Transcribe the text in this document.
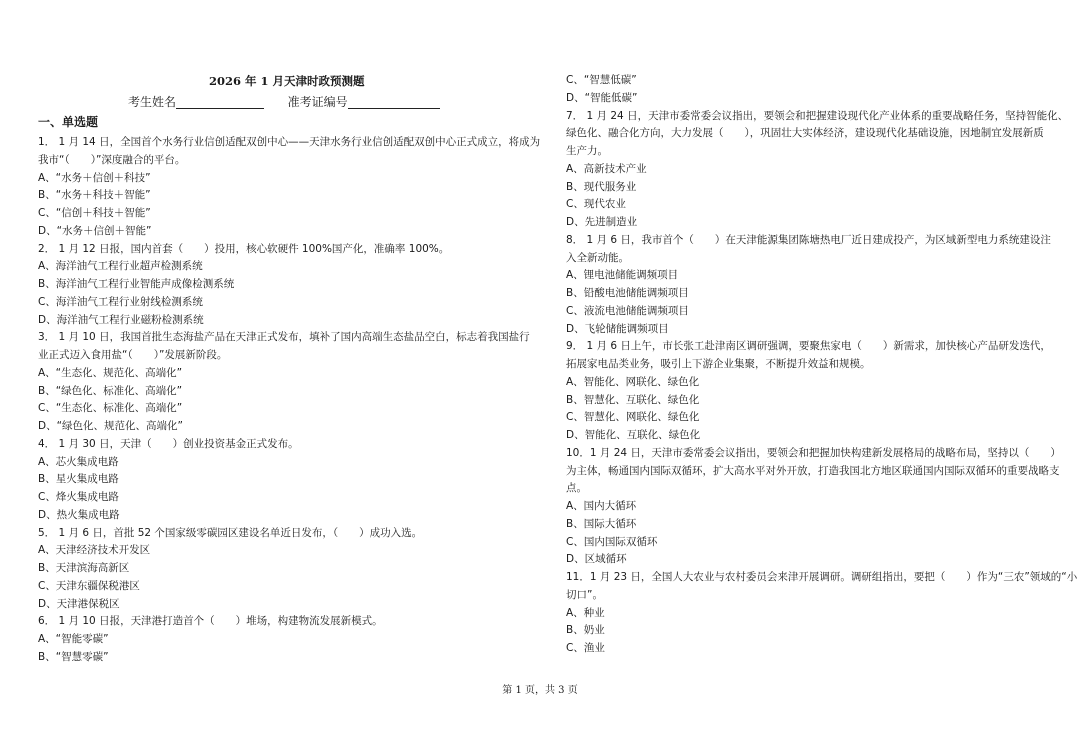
2026 年 1 月天津时政预测题
考生姓名	准考证编号
一、单选题
1． 1 月 14 日，全国首个水务行业信创适配双创中心——天津水务行业信创适配双创中心正式成立，将成为
我市“（　　）”深度融合的平台。
A、“水务＋信创＋科技”
B、“水务＋科技＋智能”
C、“信创＋科技＋智能”
D、“水务＋信创＋智能”
2． 1 月 12 日报，国内首套（　　）投用，核心软硬件 100%国产化，准确率 100%。
A、海洋油气工程行业超声检测系统
B、海洋油气工程行业智能声成像检测系统
C、海洋油气工程行业射线检测系统
D、海洋油气工程行业磁粉检测系统
3． 1 月 10 日，我国首批生态海盐产品在天津正式发布，填补了国内高端生态盐品空白，标志着我国盐行
业正式迈入食用盐“（　　）”发展新阶段。
A、“生态化、规范化、高端化”
B、“绿色化、标准化、高端化”
C、“生态化、标准化、高端化”
D、“绿色化、规范化、高端化”
4． 1 月 30 日，天津（　　）创业投资基金正式发布。
A、芯火集成电路
B、星火集成电路
C、烽火集成电路
D、热火集成电路
5． 1 月 6 日，首批 52 个国家级零碳园区建设名单近日发布，（　　）成功入选。
A、天津经济技术开发区
B、天津滨海高新区
C、天津东疆保税港区
D、天津港保税区
6． 1 月 10 日报，天津港打造首个（　　）堆场，构建物流发展新模式。
A、“智能零碳”
B、“智慧零碳”
C、“智慧低碳”
D、“智能低碳”
7． 1 月 24 日，天津市委常委会议指出，要领会和把握建设现代化产业体系的重要战略任务，坚持智能化、
绿色化、融合化方向，大力发展（　　），巩固壮大实体经济，建设现代化基础设施，因地制宜发展新质
生产力。
A、高新技术产业
B、现代服务业
C、现代农业
D、先进制造业
8． 1 月 6 日，我市首个（　　）在天津能源集团陈塘热电厂近日建成投产，为区域新型电力系统建设注
入全新动能。
A、锂电池储能调频项目
B、铅酸电池储能调频项目
C、液流电池储能调频项目
D、飞轮储能调频项目
9． 1 月 6 日上午，市长张工赴津南区调研强调，要聚焦家电（　　）新需求，加快核心产品研发迭代，
拓展家电品类业务，吸引上下游企业集聚，不断提升效益和规模。
A、智能化、网联化、绿色化
B、智慧化、互联化、绿色化
C、智慧化、网联化、绿色化
D、智能化、互联化、绿色化
10．1 月 24 日，天津市委常委会议指出，要领会和把握加快构建新发展格局的战略布局，坚持以（　　）
为主体，畅通国内国际双循环，扩大高水平对外开放，打造我国北方地区联通国内国际双循环的重要战略支
点。
A、国内大循环
B、国际大循环
C、国内国际双循环
D、区域循环
11．1 月 23 日，全国人大农业与农村委员会来津开展调研。调研组指出，要把（　　）作为“三农”领域的“小
切口”。
A、种业
B、奶业
C、渔业
第 1 页，共 3 页
